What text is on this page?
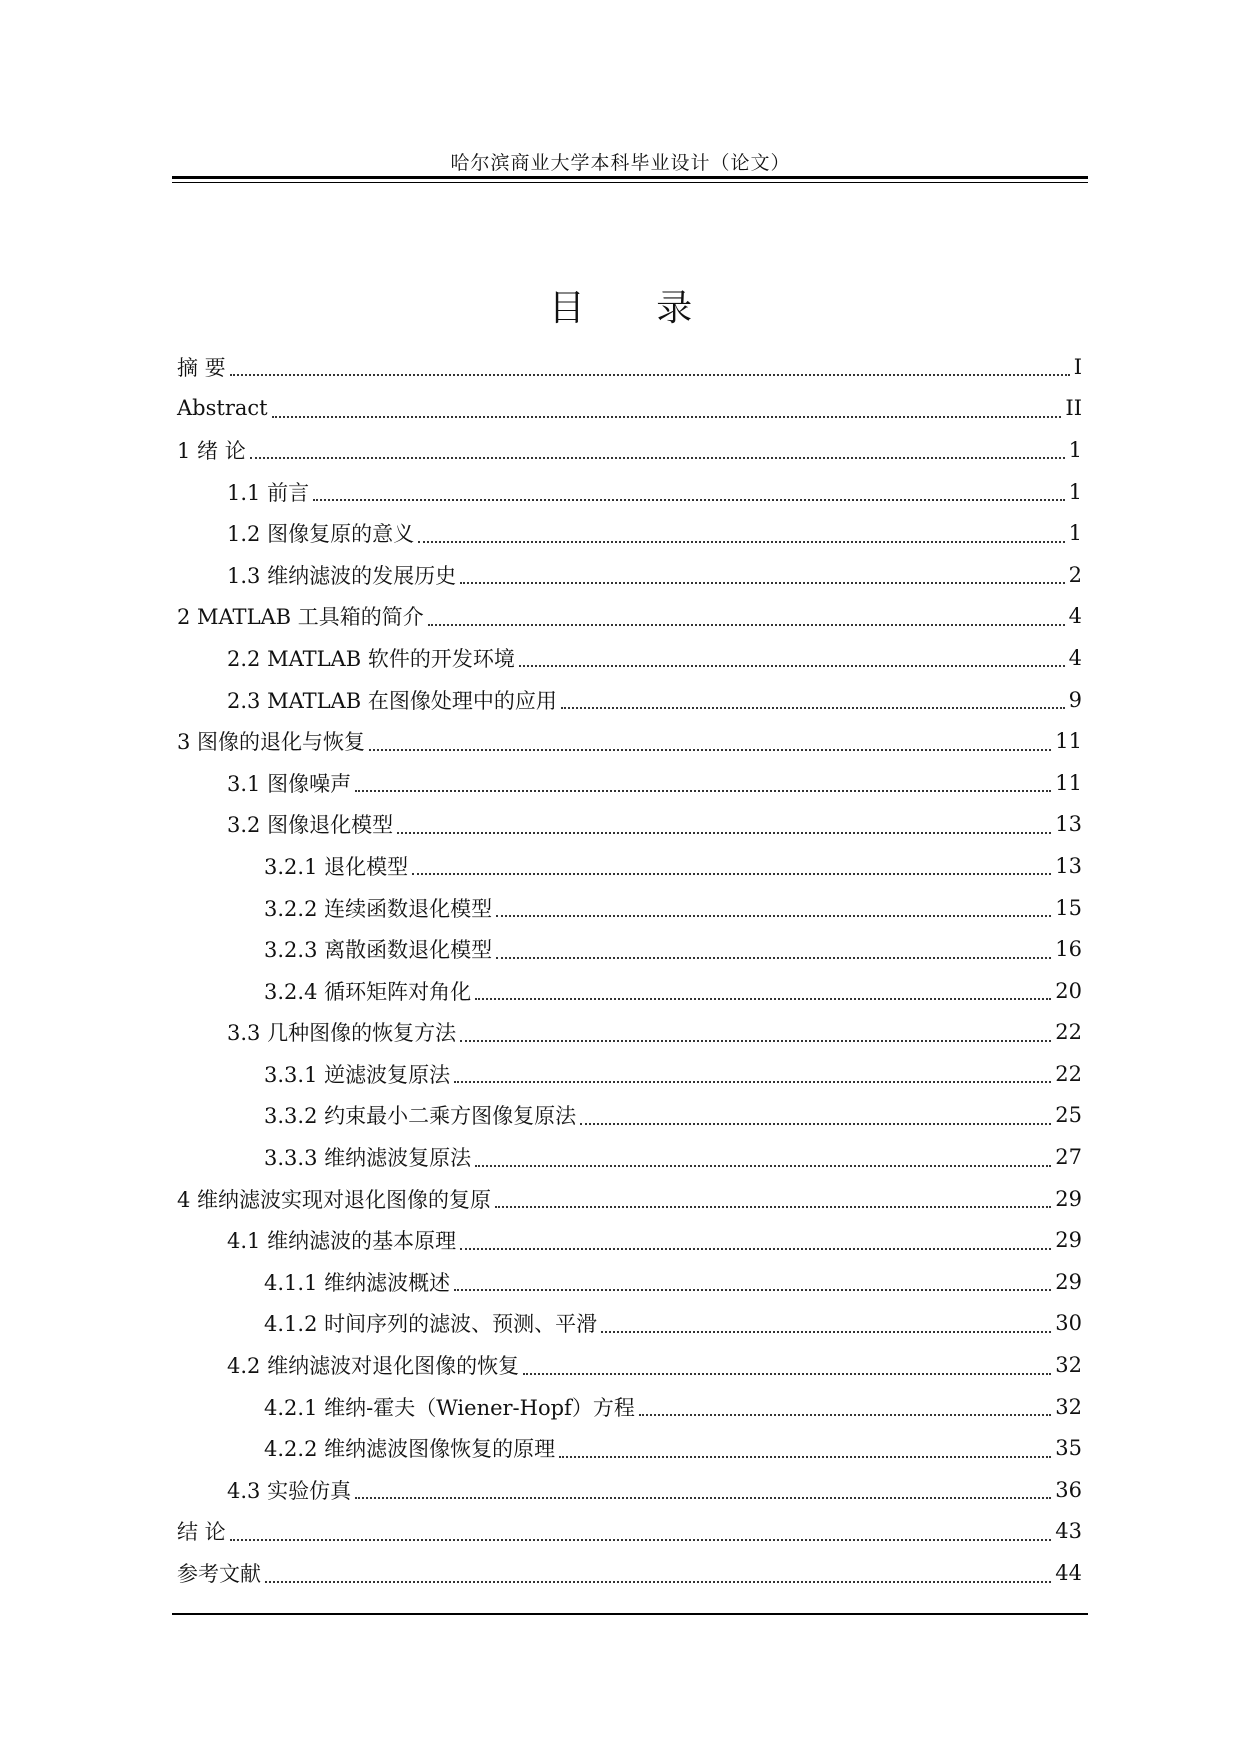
哈尔滨商业大学本科毕业设计（论文）
目 录
摘 要	I
Abstract	II
1 绪 论	1
1.1 前言	1
1.2 图像复原的意义	1
1.3 维纳滤波的发展历史	2
2 MATLAB 工具箱的简介	4
2.2 MATLAB 软件的开发环境	4
2.3 MATLAB 在图像处理中的应用	9
3 图像的退化与恢复	11
3.1 图像噪声	11
3.2 图像退化模型	13
3.2.1 退化模型	13
3.2.2 连续函数退化模型	15
3.2.3 离散函数退化模型	16
3.2.4 循环矩阵对角化	20
3.3 几种图像的恢复方法	22
3.3.1 逆滤波复原法	22
3.3.2 约束最小二乘方图像复原法	25
3.3.3 维纳滤波复原法	27
4 维纳滤波实现对退化图像的复原	29
4.1 维纳滤波的基本原理	29
4.1.1 维纳滤波概述	29
4.1.2 时间序列的滤波、预测、平滑	30
4.2 维纳滤波对退化图像的恢复	32
4.2.1 维纳-霍夫（Wiener-Hopf）方程	32
4.2.2 维纳滤波图像恢复的原理	35
4.3 实验仿真	36
结 论	43
参考文献	44
